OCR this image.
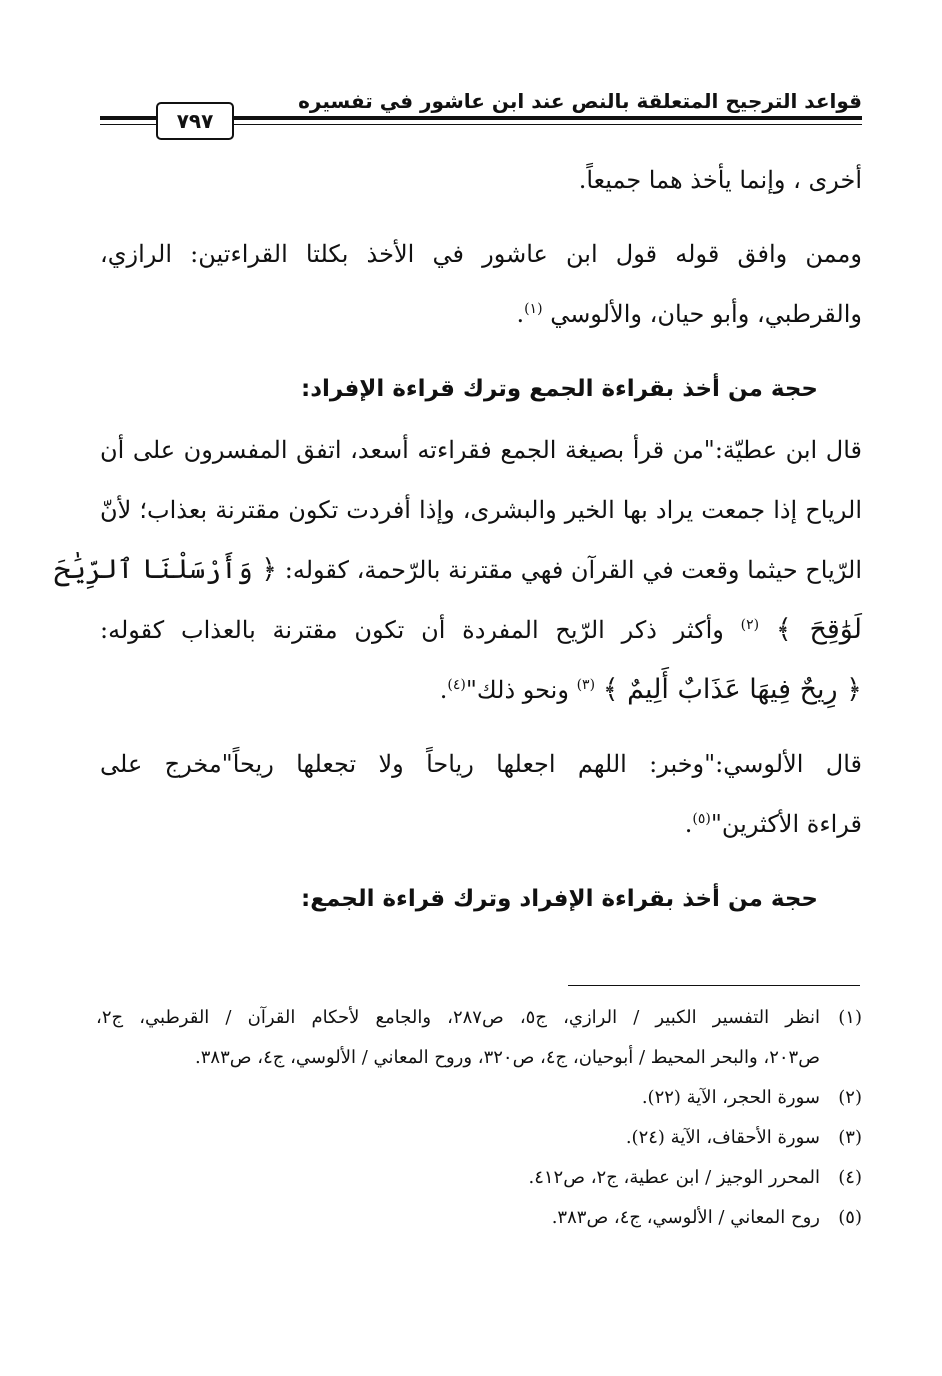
قواعد الترجيح المتعلقة بالنص عند ابن عاشور في تفسيره
٧٩٧
أخرى ، وإنما يأخذ هما جميعاً.
وممن وافق قوله قول ابن عاشور في الأخذ بكلتا القراءتين: الرازي،
والقرطبي، وأبو حيان، والألوسي $^{(١)}$.
حجة من أخذ بقراءة الجمع وترك قراءة الإفراد:
قال ابن عطيّة:"من قرأ بصيغة الجمع فقراءته أسعد، اتفق المفسرون على أن
الرياح إذا جمعت يراد بها الخير والبشرى، وإذا أفردت تكون مقترنة بعذاب؛ لأنّ
الرّياح حيثما وقعت في القرآن فهي مقترنة بالرّحمة، كقوله: ﴿ وَأَرْسَلْنَا ٱلرِّيَٰحَ
لَوَٰقِحَ ﴾ $^{(٢)}$ وأكثر ذكر الرّيح المفردة أن تكون مقترنة بالعذاب كقوله:
﴿ رِيحٌ فِيهَا عَذَابٌ أَلِيمٌ ﴾ $^{(٣)}$ ونحو ذلك"$^{(٤)}$.
قال الألوسي:"وخبر: اللهم اجعلها رياحاً ولا تجعلها ريحاً"مخرج على
قراءة الأكثرين"$^{(٥)}$.
حجة من أخذ بقراءة الإفراد وترك قراءة الجمع:
(١)انظر التفسير الكبير / الرازي، ج٥، ص٢٨٧، والجامع لأحكام القرآن / القرطبي، ج٢،
ص٢٠٣، والبحر المحيط / أبوحيان، ج٤، ص٣٢٠، وروح المعاني / الألوسي، ج٤، ص٣٨٣.
(٢)سورة الحجر، الآية (٢٢).
(٣)سورة الأحقاف، الآية (٢٤).
(٤)المحرر الوجيز / ابن عطية، ج٢، ص٤١٢.
(٥)روح المعاني / الألوسي، ج٤، ص٣٨٣.
